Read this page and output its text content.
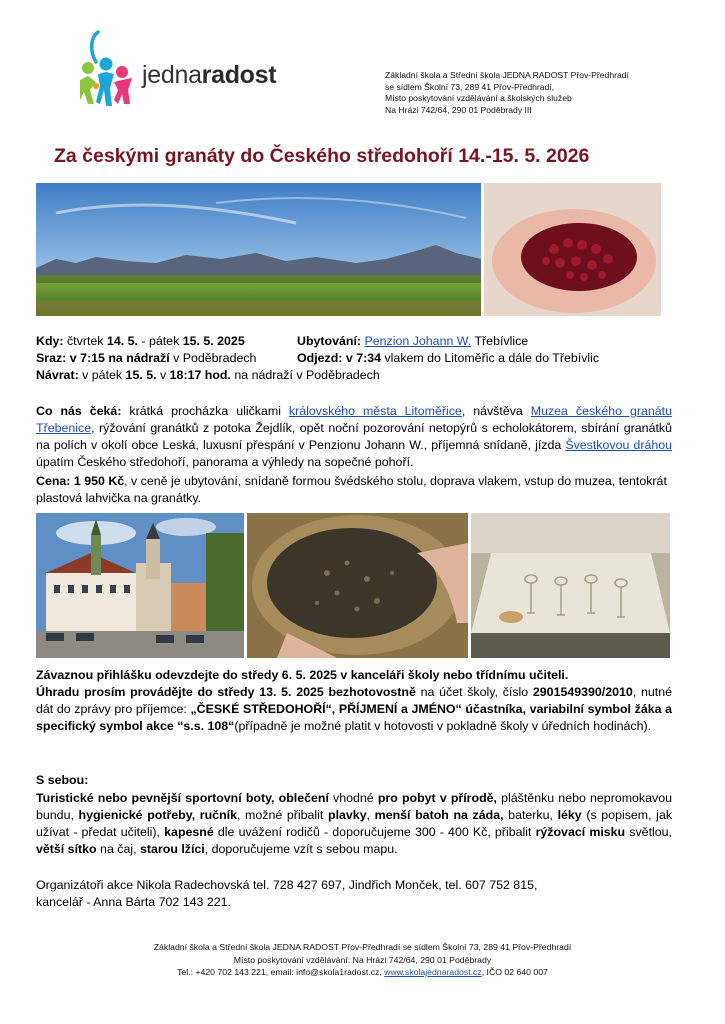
jednaradost	Základní škola a Střední škola JEDNA RADOST Přov-Předhradí
se sídlem Školní 73, 289 41 Přov-Předhradí,
Místo poskytování vzdělávání a školských služeb
Na Hrázi 742/64, 290 01 Poděbrady III
Za českými granáty do Českého středohoří 14.-15. 5. 2026
Kdy: čtvrtek 14. 5. - pátek 15. 5. 2025
Sraz: v 7:15 na nádraží v Poděbradech
Ubytování: Penzion Johann W. Třebívlice
Odjezd: v 7:34 vlakem do Litoměřic a dále do Třebívlic
Návrat: v pátek 15. 5. v 18:17 hod. na nádraží v Poděbradech
Co nás čeká: krátká procházka uličkami královského města Litoměřice, návštěva Muzea českého granátu Třebenice, rýžování granátků z potoka Žejdlík, opět noční pozorování netopýrů s echolokátorem, sbírání granátků na polích v okolí obce Leská, luxusní přespání v Penzionu Johann W., příjemná snídaně, jízda Švestkovou dráhou úpatím Českého středohoří, panorama a výhledy na sopečné pohoří.
Cena: 1 950 Kč, v ceně je ubytování, snídaně formou švédského stolu, doprava vlakem, vstup do muzea, tentokrát plastová lahvička na granátky.
Závaznou přihlášku odevzdejte do středy 6. 5. 2025 v kanceláři školy nebo třídnímu učiteli.
Úhradu prosím provádějte do středy 13. 5. 2025 bezhotovostně na účet školy, číslo 2901549390/2010, nutné dát do zprávy pro příjemce: „ČESKÉ STŘEDOHOŘÍ“, PŘÍJMENÍ a JMÉNO“ účastníka, variabilní symbol žáka a specifický symbol akce “s.s. 108“(případně je možné platit v hotovosti v pokladně školy v úředních hodinách).
S sebou:
Turistické nebo pevnější sportovní boty, oblečení vhodné pro pobyt v přírodě, pláštěnku nebo nepromokavou bundu, hygienické potřeby, ručník, možné přibalit plavky, menší batoh na záda, baterku, léky (s popisem, jak užívat - předat učiteli), kapesné dle uvážení rodičů - doporučujeme 300 - 400 Kč, přibalit rýžovací misku světlou, větší sítko na čaj, starou lžíci, doporučujeme vzít s sebou mapu.
Organizátoři akce Nikola Radechovská tel. 728 427 697, Jindřich Monček, tel. 607 752 815,
kancelář - Anna Bárta 702 143 221.
Základní škola a Střední škola JEDNA RADOST Přov-Předhradí se sídlem Školní 73, 289 41 Přov-Předhradí
Místo poskytování vzdělávání: Na Hrázi 742/64, 290 01 Poděbrady
Tel.: +420 702 143 221, email: info@skola1radost.cz, www.skolajednaradost.cz, IČO 02 640 007
